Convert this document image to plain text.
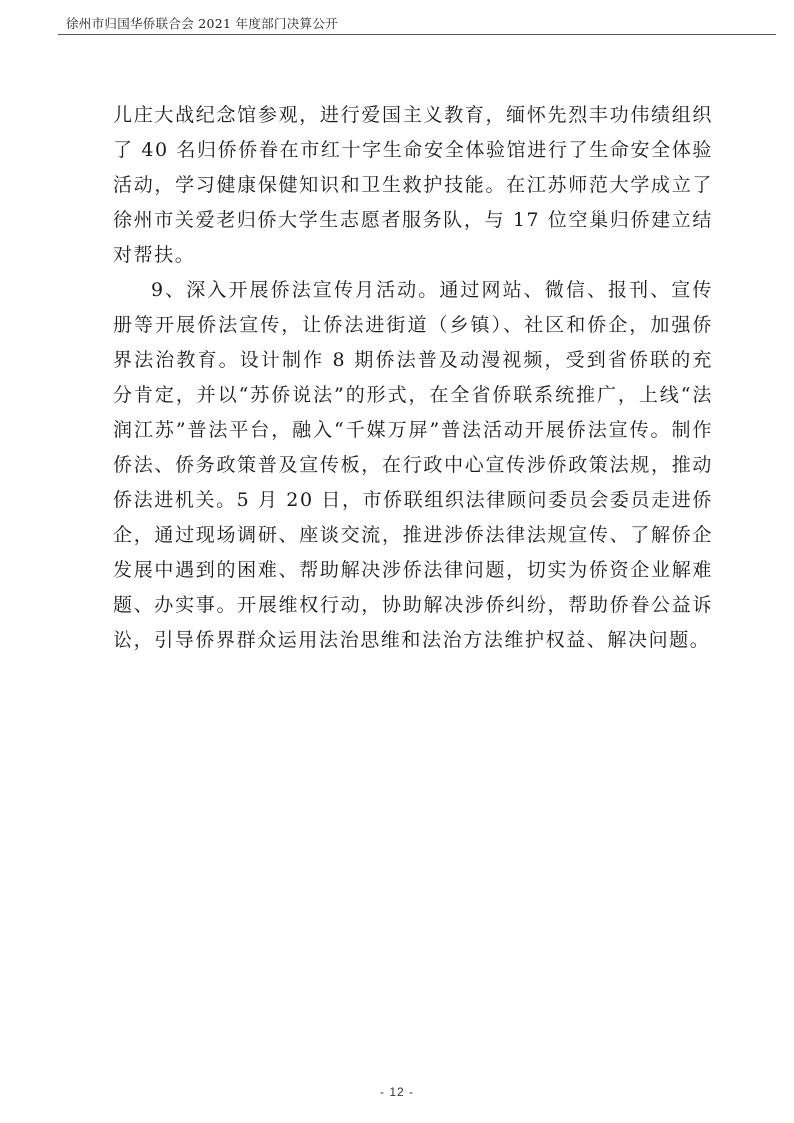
徐州市归国华侨联合会 2021 年度部门决算公开

儿庄大战纪念馆参观，进行爱国主义教育，缅怀先烈丰功伟绩组织了 40 名归侨侨眷在市红十字生命安全体验馆进行了生命安全体验活动，学习健康保健知识和卫生救护技能。在江苏师范大学成立了徐州市关爱老归侨大学生志愿者服务队，与 17 位空巢归侨建立结对帮扶。

9、深入开展侨法宣传月活动。通过网站、微信、报刊、宣传册等开展侨法宣传，让侨法进街道（乡镇）、社区和侨企，加强侨界法治教育。设计制作 8 期侨法普及动漫视频，受到省侨联的充分肯定，并以“苏侨说法”的形式，在全省侨联系统推广，上线“法润江苏”普法平台，融入“千媒万屏”普法活动开展侨法宣传。制作侨法、侨务政策普及宣传板，在行政中心宣传涉侨政策法规，推动侨法进机关。5 月 20 日，市侨联组织法律顾问委员会委员走进侨企，通过现场调研、座谈交流，推进涉侨法律法规宣传、了解侨企发展中遇到的困难、帮助解决涉侨法律问题，切实为侨资企业解难题、办实事。开展维权行动，协助解决涉侨纠纷，帮助侨眷公益诉讼，引导侨界群众运用法治思维和法治方法维护权益、解决问题。

- 12 -
